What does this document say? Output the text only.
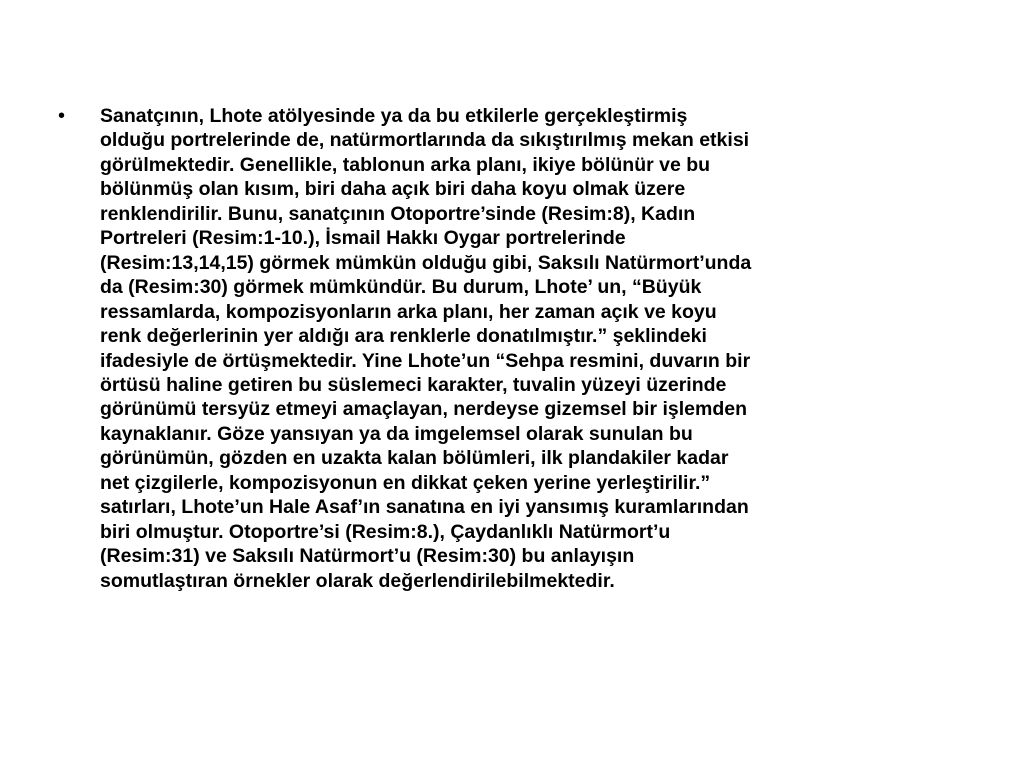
•	Sanatçının, Lhote atölyesinde ya da bu etkilerle gerçekleştirmiş
olduğu portrelerinde de, natürmortlarında da sıkıştırılmış mekan etkisi
görülmektedir. Genellikle, tablonun arka planı, ikiye bölünür ve bu
bölünmüş olan kısım, biri daha açık biri daha koyu olmak üzere
renklendirilir. Bunu, sanatçının Otoportre’sinde (Resim:8), Kadın
Portreleri (Resim:1-10.), İsmail Hakkı Oygar portrelerinde
(Resim:13,14,15) görmek mümkün olduğu gibi, Saksılı Natürmort’unda
da (Resim:30) görmek mümkündür. Bu durum, Lhote’ un, “Büyük
ressamlarda, kompozisyonların arka planı, her zaman açık ve koyu
renk değerlerinin yer aldığı ara renklerle donatılmıştır.” şeklindeki
ifadesiyle de örtüşmektedir. Yine Lhote’un “Sehpa resmini, duvarın bir
örtüsü haline getiren bu süslemeci karakter, tuvalin yüzeyi üzerinde
görünümü tersyüz etmeyi amaçlayan, nerdeyse gizemsel bir işlemden
kaynaklanır. Göze yansıyan ya da imgelemsel olarak sunulan bu
görünümün, gözden en uzakta kalan bölümleri, ilk plandakiler kadar
net çizgilerle, kompozisyonun en dikkat çeken yerine yerleştirilir.”
satırları, Lhote’un Hale Asaf’ın sanatına en iyi yansımış kuramlarından
biri olmuştur. Otoportre’si (Resim:8.), Çaydanlıklı Natürmort’u
(Resim:31) ve Saksılı Natürmort’u (Resim:30) bu anlayışın
somutlaştıran örnekler olarak değerlendirilebilmektedir.
